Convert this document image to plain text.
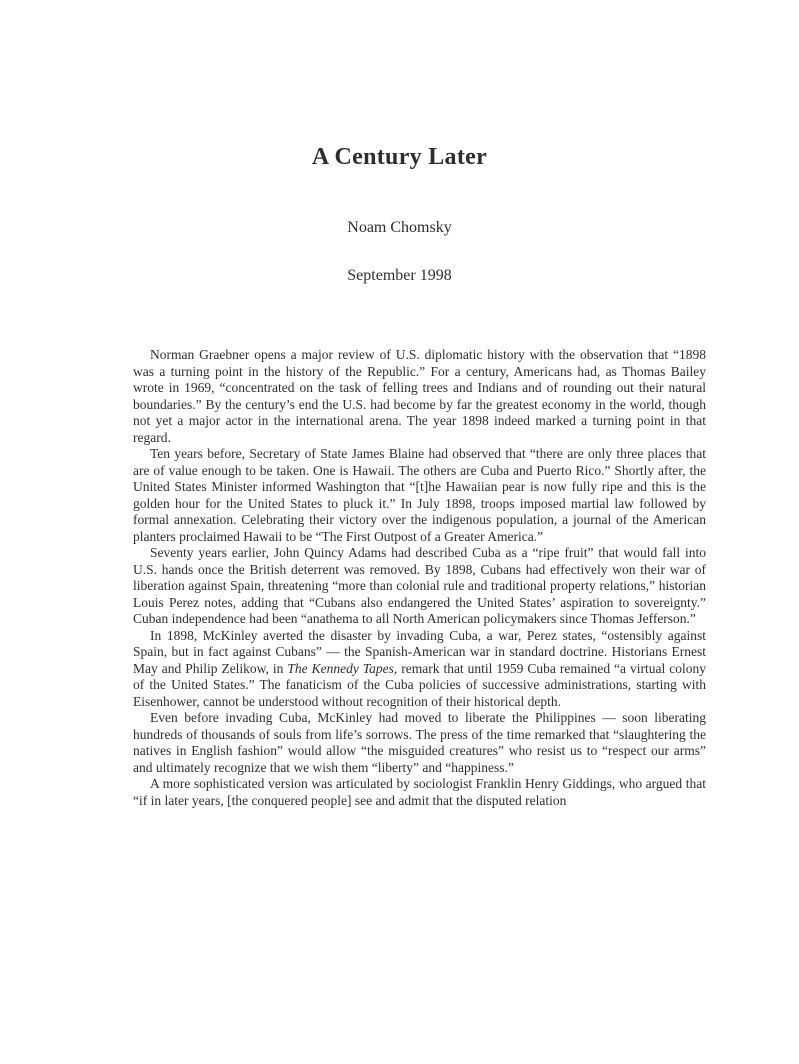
A Century Later
Noam Chomsky
September 1998

Norman Graebner opens a major review of U.S. diplomatic history with the observation that “1898 was a turning point in the history of the Republic.” For a century, Americans had, as Thomas Bailey wrote in 1969, “concentrated on the task of felling trees and Indians and of rounding out their natural boundaries.” By the century’s end the U.S. had become by far the greatest economy in the world, though not yet a major actor in the international arena. The year 1898 indeed marked a turning point in that regard.

Ten years before, Secretary of State James Blaine had observed that “there are only three places that are of value enough to be taken. One is Hawaii. The others are Cuba and Puerto Rico.” Shortly after, the United States Minister informed Washington that “[t]he Hawaiian pear is now fully ripe and this is the golden hour for the United States to pluck it.” In July 1898, troops imposed martial law followed by formal annexation. Celebrating their victory over the indigenous population, a journal of the American planters proclaimed Hawaii to be “The First Outpost of a Greater America.”

Seventy years earlier, John Quincy Adams had described Cuba as a “ripe fruit” that would fall into U.S. hands once the British deterrent was removed. By 1898, Cubans had effectively won their war of liberation against Spain, threatening “more than colonial rule and traditional property relations,” historian Louis Perez notes, adding that “Cubans also endangered the United States’ aspiration to sovereignty.” Cuban independence had been “anathema to all North American policymakers since Thomas Jefferson.”

In 1898, McKinley averted the disaster by invading Cuba, a war, Perez states, “ostensibly against Spain, but in fact against Cubans” — the Spanish-American war in standard doctrine. Historians Ernest May and Philip Zelikow, in The Kennedy Tapes, remark that until 1959 Cuba remained “a virtual colony of the United States.” The fanaticism of the Cuba policies of successive administrations, starting with Eisenhower, cannot be understood without recognition of their historical depth.

Even before invading Cuba, McKinley had moved to liberate the Philippines — soon liberating hundreds of thousands of souls from life’s sorrows. The press of the time remarked that “slaughtering the natives in English fashion” would allow “the misguided creatures” who resist us to “respect our arms” and ultimately recognize that we wish them “liberty” and “happiness.”

A more sophisticated version was articulated by sociologist Franklin Henry Giddings, who argued that “if in later years, [the conquered people] see and admit that the disputed relation
